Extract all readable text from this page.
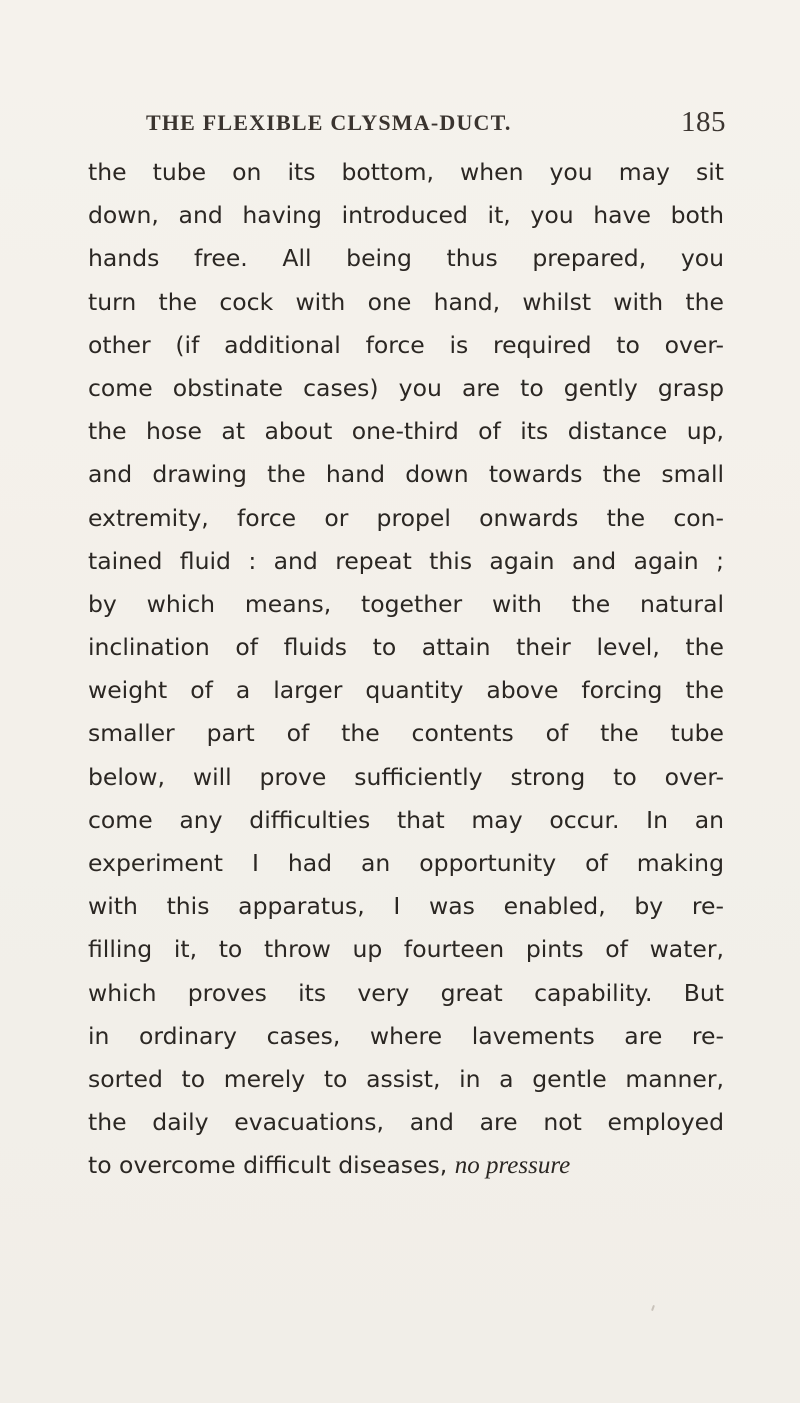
THE FLEXIBLE CLYSMA-DUCT.	185
the tube on its bottom, when you may sit
down, and having introduced it, you have both
hands free. All being thus prepared, you
turn the cock with one hand, whilst with the
other (if additional force is required to over-
come obstinate cases) you are to gently grasp
the hose at about one-third of its distance up,
and drawing the hand down towards the small
extremity, force or propel onwards the con-
tained fluid : and repeat this again and again ;
by which means, together with the natural
inclination of fluids to attain their level, the
weight of a larger quantity above forcing the
smaller part of the contents of the tube
below, will prove sufficiently strong to over-
come any difficulties that may occur. In an
experiment I had an opportunity of making
with this apparatus, I was enabled, by re-
filling it, to throw up fourteen pints of water,
which proves its very great capability. But
in ordinary cases, where lavements are re-
sorted to merely to assist, in a gentle manner,
the daily evacuations, and are not employed
to overcome difficult diseases, no pressure
